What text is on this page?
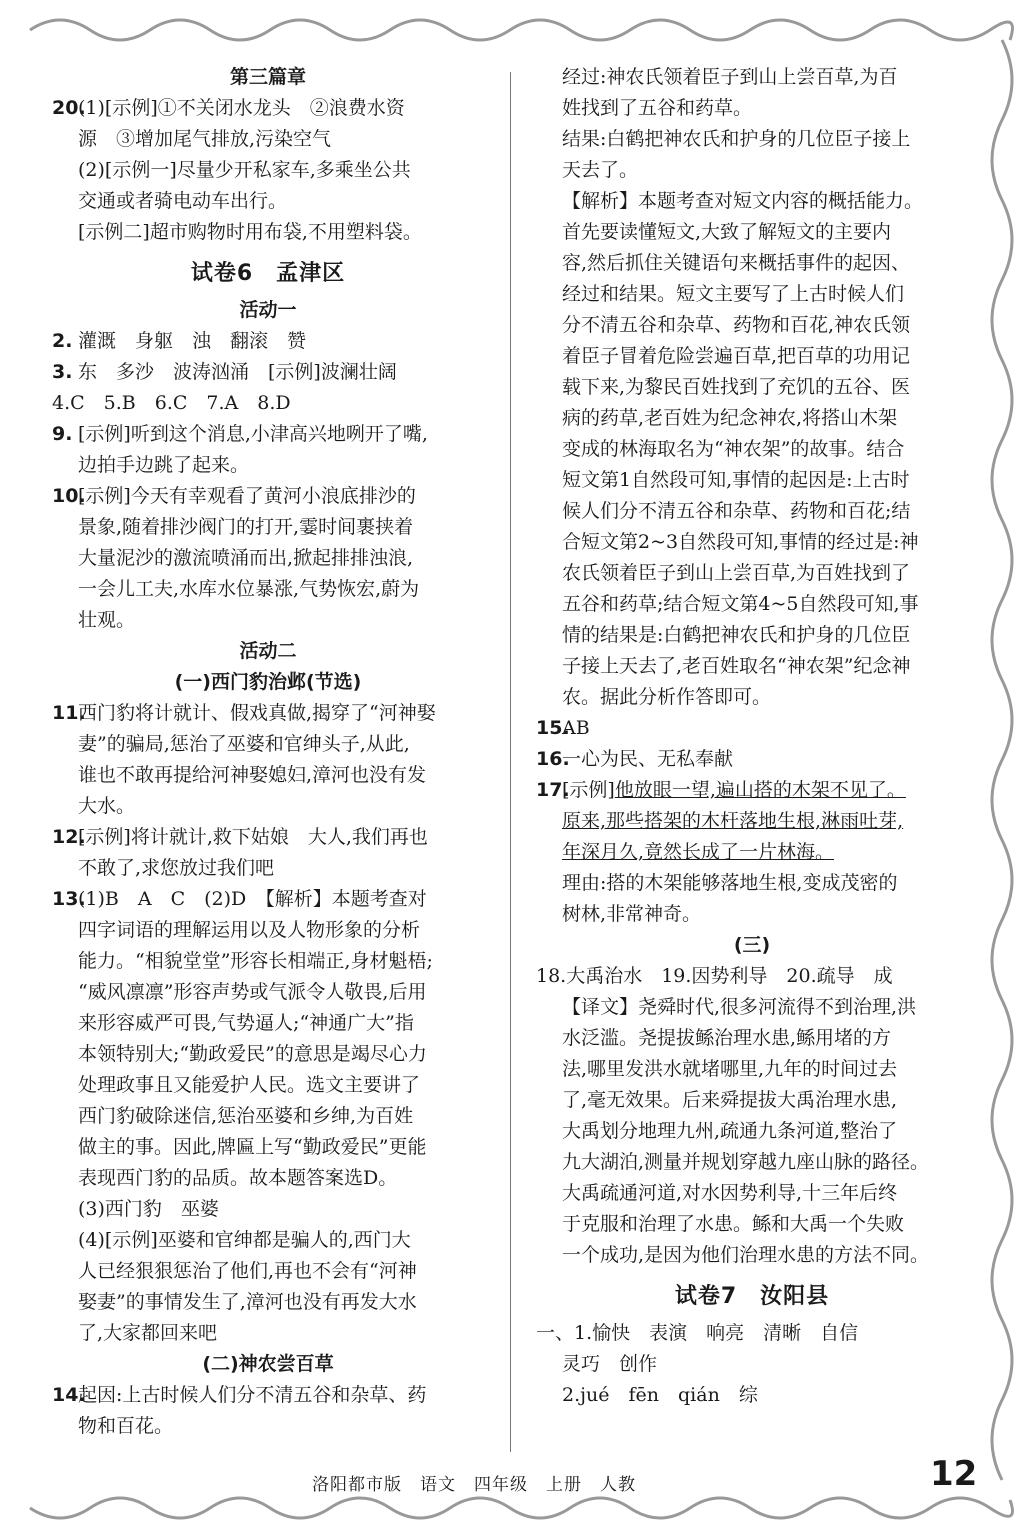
第三篇章
20.
(1)[示例]①不关闭水龙头　②浪费水资
源　③增加尾气排放,污染空气
(2)[示例一]尽量少开私家车,多乘坐公共
交通或者骑电动车出行。
[示例二]超市购物时用布袋,不用塑料袋。
试卷6　孟津区
活动一
2. 灌溉　身躯　浊　翻滚　赞
3. 东　多沙　波涛汹涌　[示例]波澜壮阔
4.C　5.B　6.C　7.A　8.D
9. [示例]听到这个消息,小津高兴地咧开了嘴,
边拍手边跳了起来。
10.
[示例]今天有幸观看了黄河小浪底排沙的
景象,随着排沙阀门的打开,霎时间裹挟着
大量泥沙的激流喷涌而出,掀起排排浊浪,
一会儿工夫,水库水位暴涨,气势恢宏,蔚为
壮观。
活动二
(一)西门豹治邺(节选)
11.
西门豹将计就计、假戏真做,揭穿了“河神娶
妻”的骗局,惩治了巫婆和官绅头子,从此,
谁也不敢再提给河神娶媳妇,漳河也没有发
大水。
12.
[示例]将计就计,救下姑娘　大人,我们再也
不敢了,求您放过我们吧
13.
(1)B　A　C　(2)D　【解析】本题考查对
四字词语的理解运用以及人物形象的分析
能力。“相貌堂堂”形容长相端正,身材魁梧;
“威风凛凛”形容声势或气派令人敬畏,后用
来形容威严可畏,气势逼人;“神通广大”指
本领特别大;“勤政爱民”的意思是竭尽心力
处理政事且又能爱护人民。选文主要讲了
西门豹破除迷信,惩治巫婆和乡绅,为百姓
做主的事。因此,牌匾上写“勤政爱民”更能
表现西门豹的品质。故本题答案选D。
(3)西门豹　巫婆
(4)[示例]巫婆和官绅都是骗人的,西门大
人已经狠狠惩治了他们,再也不会有“河神
娶妻”的事情发生了,漳河也没有再发大水
了,大家都回来吧
(二)神农尝百草
14.
起因:上古时候人们分不清五谷和杂草、药
物和百花。
经过:神农氏领着臣子到山上尝百草,为百
姓找到了五谷和药草。
结果:白鹤把神农氏和护身的几位臣子接上
天去了。
【解析】本题考查对短文内容的概括能力。
首先要读懂短文,大致了解短文的主要内
容,然后抓住关键语句来概括事件的起因、
经过和结果。短文主要写了上古时候人们
分不清五谷和杂草、药物和百花,神农氏领
着臣子冒着危险尝遍百草,把百草的功用记
载下来,为黎民百姓找到了充饥的五谷、医
病的药草,老百姓为纪念神农,将搭山木架
变成的林海取名为“神农架”的故事。结合
短文第1自然段可知,事情的起因是:上古时
候人们分不清五谷和杂草、药物和百花;结
合短文第2~3自然段可知,事情的经过是:神
农氏领着臣子到山上尝百草,为百姓找到了
五谷和药草;结合短文第4~5自然段可知,事
情的结果是:白鹤把神农氏和护身的几位臣
子接上天去了,老百姓取名“神农架”纪念神
农。据此分析作答即可。
15.
AB
16.
一心为民、无私奉献
17.
[示例]他放眼一望,遍山搭的木架不见了。
原来,那些搭架的木杆落地生根,淋雨吐芽,
年深月久,竟然长成了一片林海。
理由:搭的木架能够落地生根,变成茂密的
树林,非常神奇。
(三)
18.大禹治水　19.因势利导　20.疏导　成
【译文】尧舜时代,很多河流得不到治理,洪
水泛滥。尧提拔鲧治理水患,鲧用堵的方
法,哪里发洪水就堵哪里,九年的时间过去
了,毫无效果。后来舜提拔大禹治理水患,
大禹划分地理九州,疏通九条河道,整治了
九大湖泊,测量并规划穿越九座山脉的路径。
大禹疏通河道,对水因势利导,十三年后终
于克服和治理了水患。鲧和大禹一个失败
一个成功,是因为他们治理水患的方法不同。
试卷7　汝阳县
一、1.愉快　表演　响亮　清晰　自信
灵巧　创作
2.jué　fēn　qián　综
洛阳都市版　语文　四年级　上册　人教	12
